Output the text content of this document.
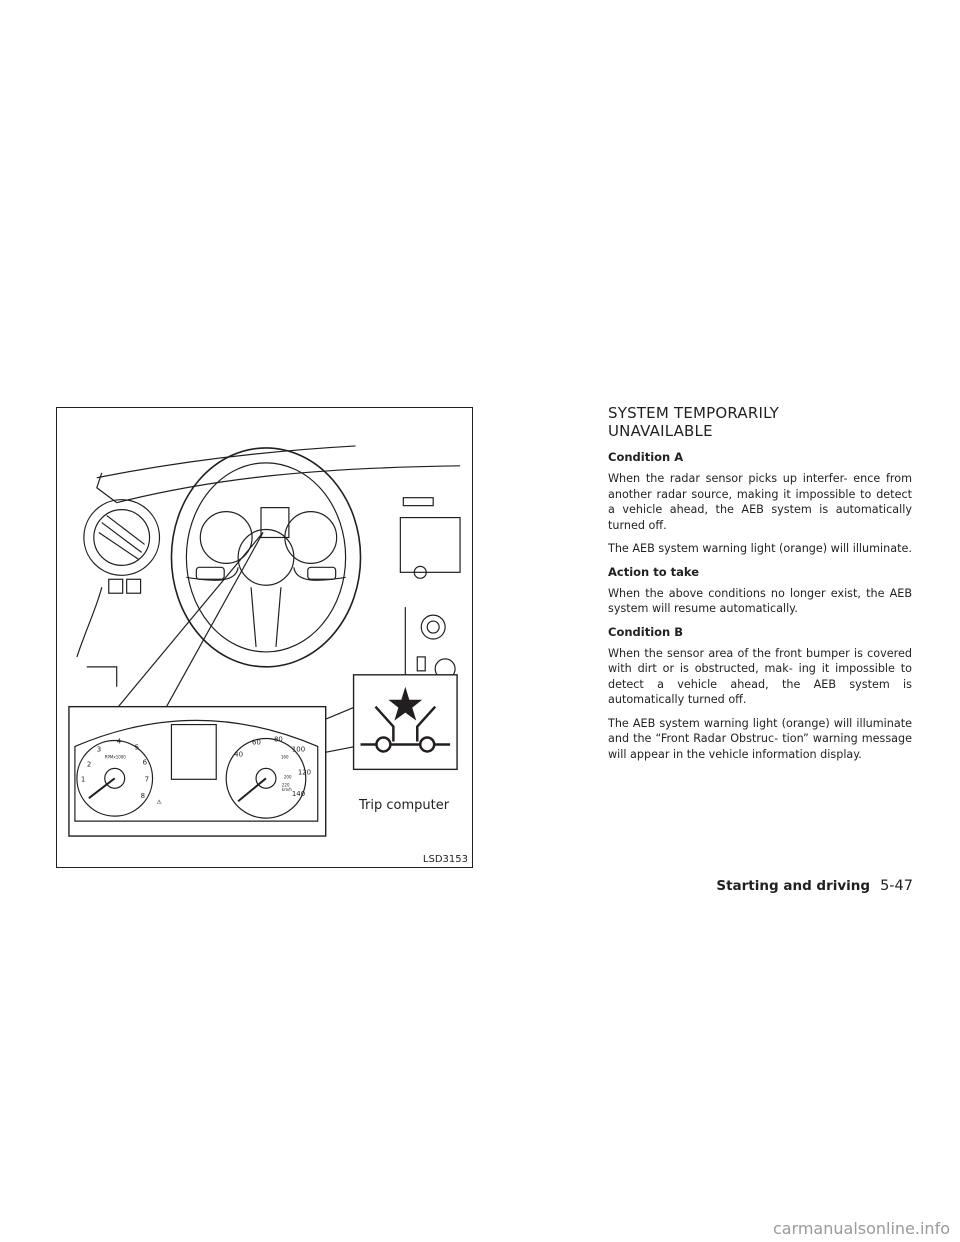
2
3
4
5
6
7
8
1
RPMx1000	40
60 80
100
120
140
160
200
km/h
220
⚠	Trip computer
LSD3153
SYSTEM TEMPORARILY
UNAVAILABLE

Condition A

When the radar sensor picks up interfer- ence from another radar source, making it impossible to detect a vehicle ahead, the AEB system is automatically turned off.

The AEB system warning light (orange) will illuminate.

Action to take

When the above conditions no longer exist, the AEB system will resume automatically.

Condition B

When the sensor area of the front bumper is covered with dirt or is obstructed, mak- ing it impossible to detect a vehicle ahead, the AEB system is automatically turned off.

The AEB system warning light (orange) will illuminate and the “Front Radar Obstruc- tion” warning message will appear in the vehicle information display.

Starting and driving 5-47
carmanualsonline.info
